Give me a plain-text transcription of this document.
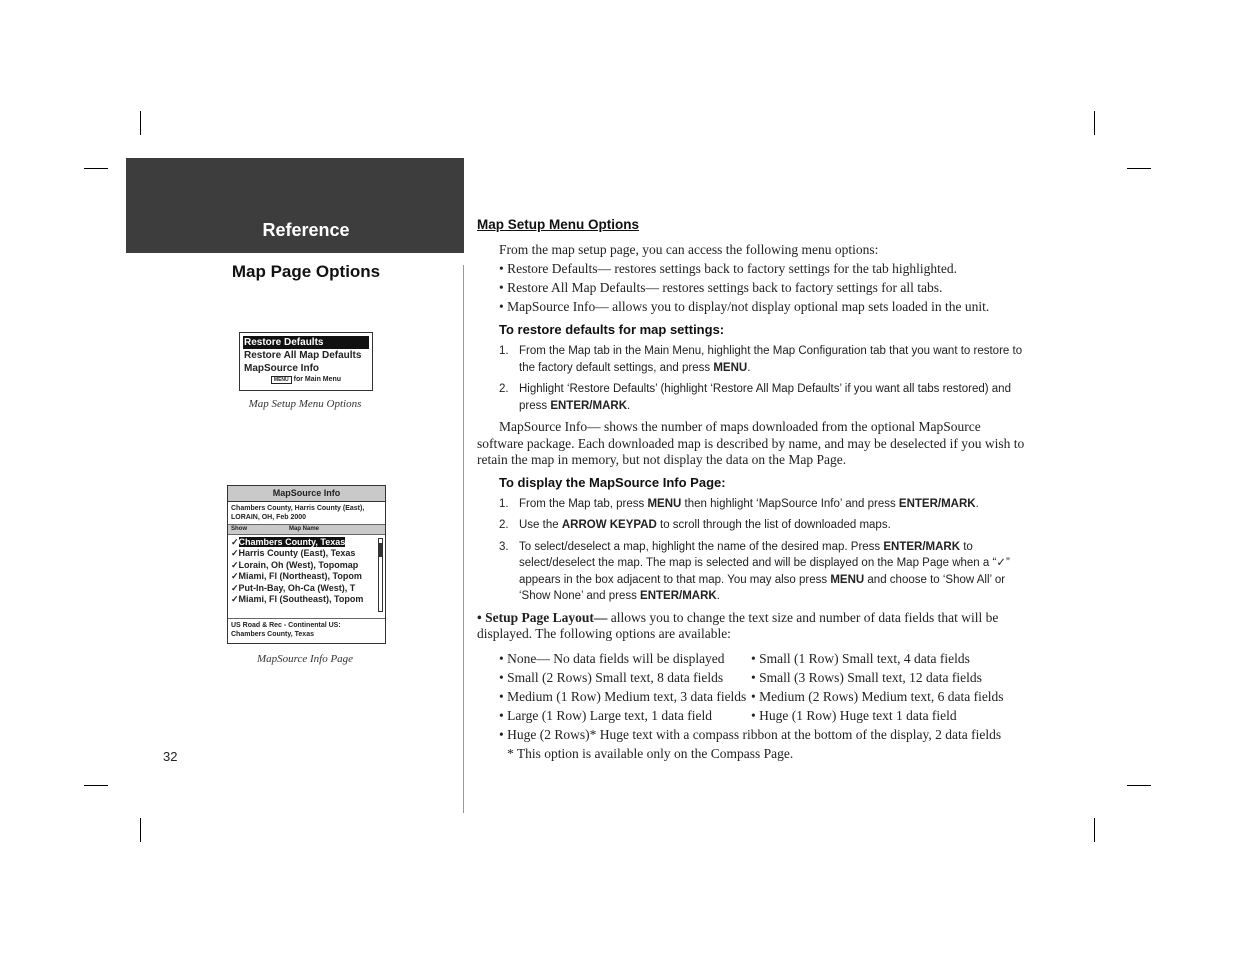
Reference
Map Page Options
Restore Defaults
Restore All Map Defaults
MapSource Info
MENU for Main Menu
Map Setup Menu Options
MapSource Info
Chambers County, Harris County (East), LORAIN, OH, Feb 2000
Show	Map Name
✓Chambers County, Texas
✓Harris County (East), Texas
✓Lorain, Oh (West), Topomap
✓Miami, Fl (Northeast), Topom
✓Put-In-Bay, Oh-Ca (West), T
✓Miami, Fl (Southeast), Topom
US Road & Rec - Continental US:
Chambers County, Texas
MapSource Info Page
32
Map Setup Menu Options
From the map setup page, you can access the following menu options:
• Restore Defaults— restores settings back to factory settings for the tab highlighted.
• Restore All Map Defaults— restores settings back to factory settings for all tabs.
• MapSource Info— allows you to display/not display optional map sets loaded in the unit.
To restore defaults for map settings:
1. From the Map tab in the Main Menu, highlight the Map Configuration tab that you want to restore to the factory default settings, and press MENU.
2. Highlight ‘Restore Defaults’ (highlight ‘Restore All Map Defaults’ if you want all tabs restored) and press ENTER/MARK.
MapSource Info— shows the number of maps downloaded from the optional MapSource software package. Each downloaded map is described by name, and may be deselected if you wish to retain the map in memory, but not display the data on the Map Page.
To display the MapSource Info Page:
1. From the Map tab, press MENU then highlight ‘MapSource Info’ and press ENTER/MARK.
2. Use the ARROW KEYPAD to scroll through the list of downloaded maps.
3. To select/deselect a map, highlight the name of the desired map. Press ENTER/MARK to select/deselect the map. The map is selected and will be displayed on the Map Page when a “✓” appears in the box adjacent to that map. You may also press MENU and choose to ‘Show All’ or ‘Show None’ and press ENTER/MARK.
• Setup Page Layout— allows you to change the text size and number of data fields that will be displayed. The following options are available:
• None— No data fields will be displayed	• Small (1 Row) Small text, 4 data fields
• Small (2 Rows) Small text, 8 data fields	• Small (3 Rows) Small text, 12 data fields
• Medium (1 Row) Medium text, 3 data fields • Medium (2 Rows) Medium text, 6 data fields
• Large (1 Row) Large text, 1 data field	• Huge (1 Row) Huge text 1 data field
• Huge (2 Rows)* Huge text with a compass ribbon at the bottom of the display, 2 data fields
* This option is available only on the Compass Page.
